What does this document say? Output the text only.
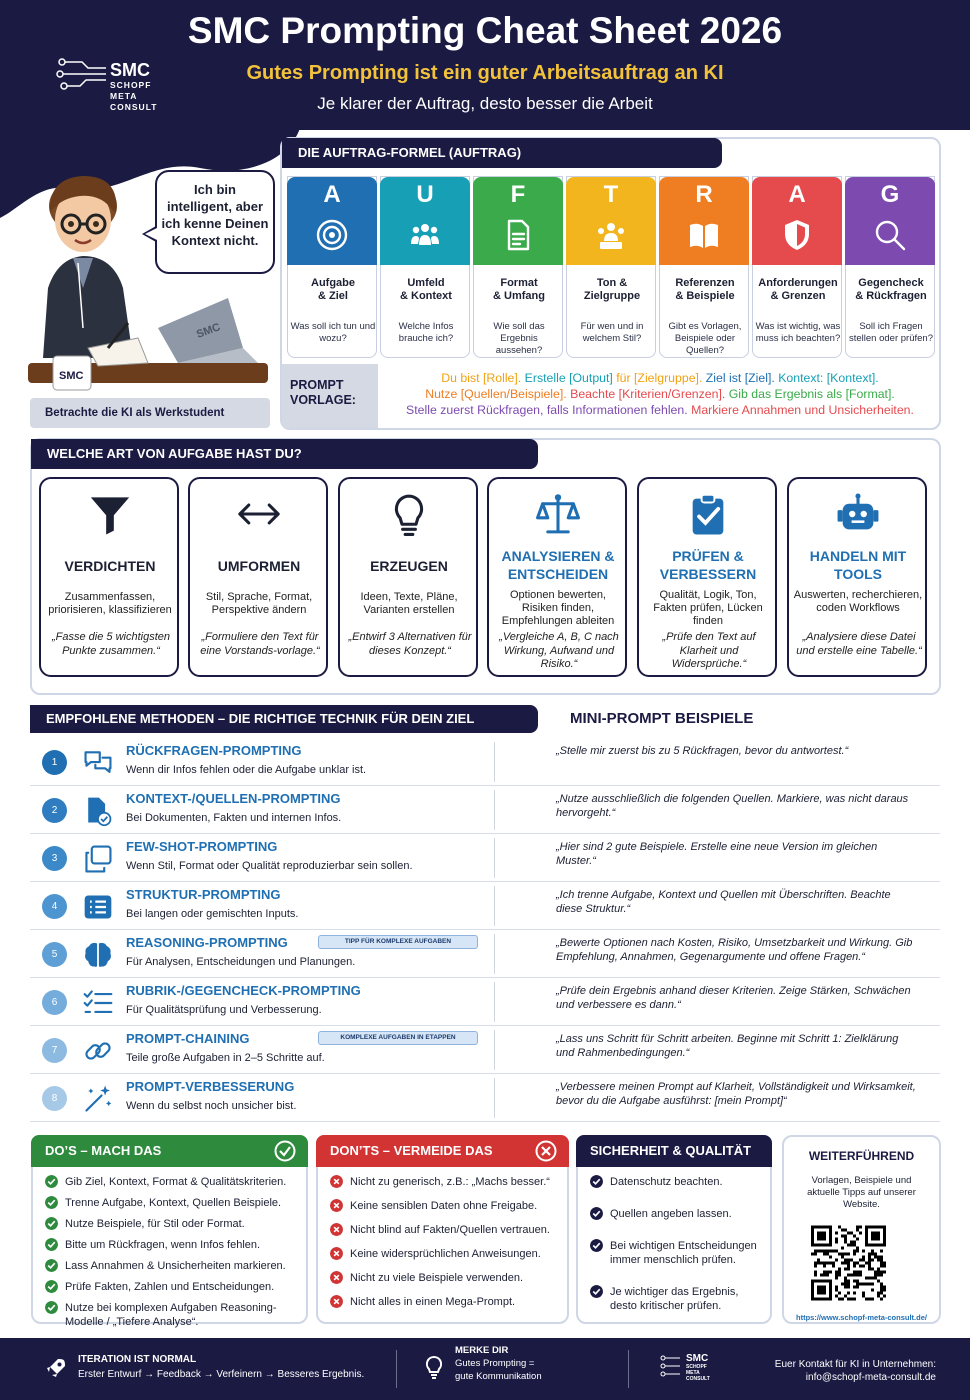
SMC Prompting Cheat Sheet 2026
Gutes Prompting ist ein guter Arbeitsauftrag an KI
Je klarer der Auftrag, desto besser die Arbeit
SMC
SCHOPF
META
CONSULT
SMC
SMC
Ich bin intelligent, aber ich kenne Deinen Kontext nicht.
Betrachte die KI als Werkstudent
DIE AUFTRAG-FORMEL (AUFTRAG)
A
Aufgabe
& Ziel
Was soll ich tun und wozu?
U
Umfeld
& Kontext
Welche Infos brauche ich?
F
Format
& Umfang
Wie soll das Ergebnis aussehen?
T
Ton &
Zielgruppe
Für wen und in welchem Stil?
R
Referenzen
& Beispiele
Gibt es Vorlagen, Beispiele oder Quellen?
A
Anforderungen
& Grenzen
Was ist wichtig, was muss ich beachten?
G
Gegencheck
& Rückfragen
Soll ich Fragen stellen oder prüfen?
PROMPT
VORLAGE:
Du bist [Rolle]. Erstelle [Output] für [Zielgruppe]. Ziel ist [Ziel]. Kontext: [Kontext].
Nutze [Quellen/Beispiele]. Beachte [Kriterien/Grenzen]. Gib das Ergebnis als [Format].
Stelle zuerst Rückfragen, falls Informationen fehlen. Markiere Annahmen und Unsicherheiten.
WELCHE ART VON AUFGABE HAST DU?
VERDICHTEN
Zusammenfassen, priorisieren, klassifizieren
„Fasse die 5 wichtigsten Punkte zusammen.“
UMFORMEN
Stil, Sprache, Format, Perspektive ändern
„Formuliere den Text für eine Vorstands-vorlage.“
ERZEUGEN
Ideen, Texte, Pläne, Varianten erstellen
„Entwirf 3 Alternativen für dieses Konzept.“
ANALYSIEREN &
ENTSCHEIDEN
Optionen bewerten, Risiken finden, Empfehlungen ableiten
„Vergleiche A, B, C nach Wirkung, Aufwand und Risiko.“
PRÜFEN &
VERBESSERN
Qualität, Logik, Ton, Fakten prüfen, Lücken finden
„Prüfe den Text auf Klarheit und Widersprüche.“
HANDELN MIT
TOOLS
Auswerten, recherchieren, coden Workflows
„Analysiere diese Datei und erstelle eine Tabelle.“
EMPFOHLENE METHODEN – DIE RICHTIGE TECHNIK FÜR DEIN ZIEL	MINI-PROMPT BEISPIELE
1
RÜCKFRAGEN-PROMPTING
Wenn dir Infos fehlen oder die Aufgabe unklar ist.
„Stelle mir zuerst bis zu 5 Rückfragen, bevor du antwortest.“
2
KONTEXT-/QUELLEN-PROMPTING
Bei Dokumenten, Fakten und internen Infos.
„Nutze ausschließlich die folgenden Quellen. Markiere, was nicht daraus hervorgeht.“
3
FEW-SHOT-PROMPTING
Wenn Stil, Format oder Qualität reproduzierbar sein sollen.
„Hier sind 2 gute Beispiele. Erstelle eine neue Version im gleichen Muster.“
4
STRUKTUR-PROMPTING
Bei langen oder gemischten Inputs.
„Ich trenne Aufgabe, Kontext und Quellen mit Überschriften. Beachte diese Struktur.“
5
REASONING-PROMPTING
Für Analysen, Entscheidungen und Planungen.
TIPP FÜR KOMPLEXE AUFGABEN	„Bewerte Optionen nach Kosten, Risiko, Umsetzbarkeit und Wirkung. Gib Empfehlung, Annahmen, Gegenargumente und offene Fragen.“
6
RUBRIK-/GEGENCHECK-PROMPTING
Für Qualitätsprüfung und Verbesserung.
„Prüfe dein Ergebnis anhand dieser Kriterien. Zeige Stärken, Schwächen und verbessere es dann.“
7
PROMPT-CHAINING
Teile große Aufgaben in 2–5 Schritte auf.
KOMPLEXE AUFGABEN IN ETAPPEN	„Lass uns Schritt für Schritt arbeiten. Beginne mit Schritt 1: Zielklärung und Rahmenbedingungen.“
8
PROMPT-VERBESSERUNG
Wenn du selbst noch unsicher bist.
„Verbessere meinen Prompt auf Klarheit, Vollständigkeit und Wirksamkeit, bevor du die Aufgabe ausführst: [mein Prompt]“
DO’S – MACH DAS
Gib Ziel, Kontext, Format & Qualitätskriterien.
Trenne Aufgabe, Kontext, Quellen Beispiele.
Nutze Beispiele, für Stil oder Format.
Bitte um Rückfragen, wenn Infos fehlen.
Lass Annahmen & Unsicherheiten markieren.
Prüfe Fakten, Zahlen und Entscheidungen.
Nutze bei komplexen Aufgaben Reasoning-Modelle / „Tiefere Analyse“.
DON’TS – VERMEIDE DAS
Nicht zu generisch, z.B.: „Machs besser.“
Keine sensiblen Daten ohne Freigabe.
Nicht blind auf Fakten/Quellen vertrauen.
Keine widersprüchlichen Anweisungen.
Nicht zu viele Beispiele verwenden.
Nicht alles in einen Mega-Prompt.
SICHERHEIT & QUALITÄT
Datenschutz beachten.
Quellen angeben lassen.
Bei wichtigen Entscheidungen immer menschlich prüfen.
Je wichtiger das Ergebnis, desto kritischer prüfen.
WEITERFÜHREND
Vorlagen, Beispiele und aktuelle Tipps auf unserer Website.
https://www.schopf-meta-consult.de/
ITERATION IST NORMAL
Erster Entwurf → Feedback → Verfeinern → Besseres Ergebnis.
MERKE DIR
Gutes Prompting =
gute Kommunikation
SMC
SCHOPF
META
CONSULT
Euer Kontakt für KI in Unternehmen:
info@schopf-meta-consult.de
